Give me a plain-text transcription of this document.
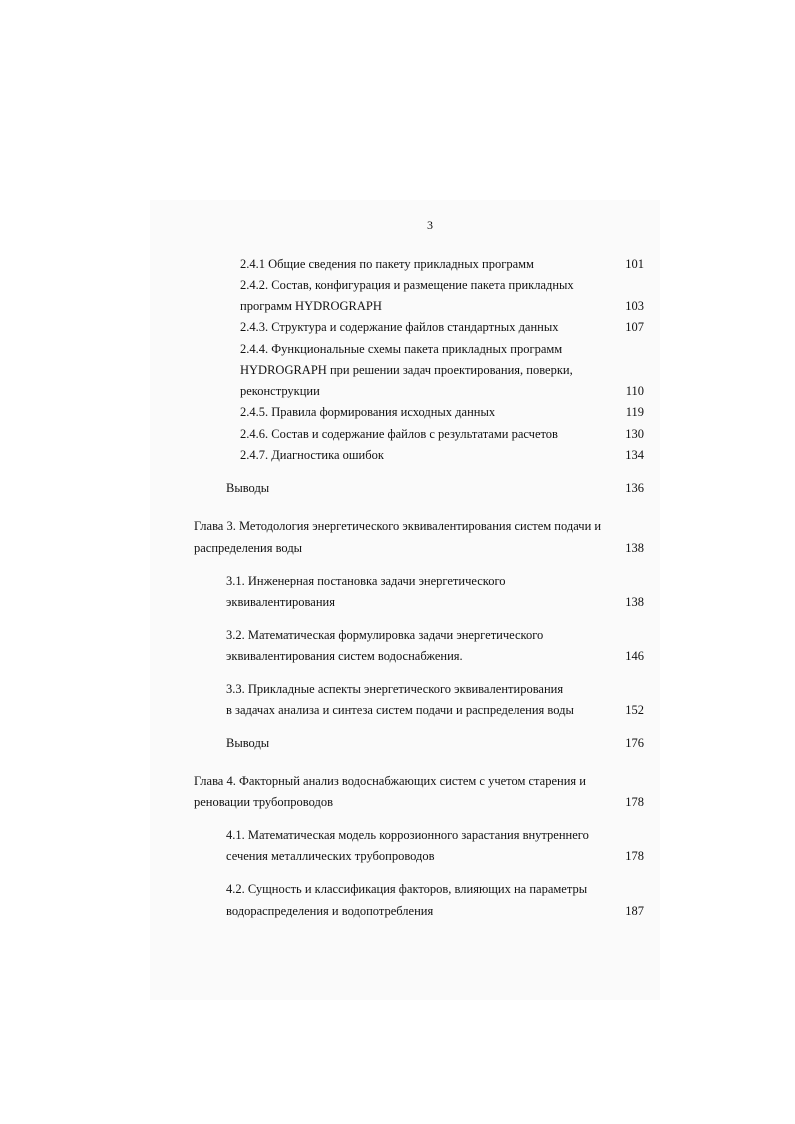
3
2.4.1 Общие сведения по пакету прикладных программ	101
2.4.2. Состав, конфигурация и размещение пакета прикладных
программ HYDROGRAPH	103
2.4.3. Структура и содержание файлов стандартных данных	107
2.4.4. Функциональные схемы пакета прикладных программ
HYDROGRAPH при решении задач проектирования, поверки,
реконструкции	110
2.4.5. Правила формирования исходных данных	119
2.4.6. Состав и содержание файлов с результатами расчетов	130
2.4.7. Диагностика ошибок	134
Выводы	136
Глава 3. Методология энергетического эквивалентирования систем подачи и
распределения воды	138
3.1. Инженерная постановка задачи энергетического
эквивалентирования	138
3.2. Математическая формулировка задачи энергетического
эквивалентирования систем водоснабжения.	146
3.3. Прикладные аспекты энергетического эквивалентирования
в задачах анализа и синтеза систем подачи и распределения воды	152
Выводы	176
Глава 4. Факторный анализ водоснабжающих систем с учетом старения и
реновации трубопроводов	178
4.1. Математическая модель коррозионного зарастания внутреннего
сечения металлических трубопроводов	178
4.2. Сущность и классификация факторов, влияющих на параметры
водораспределения и водопотребления	187
